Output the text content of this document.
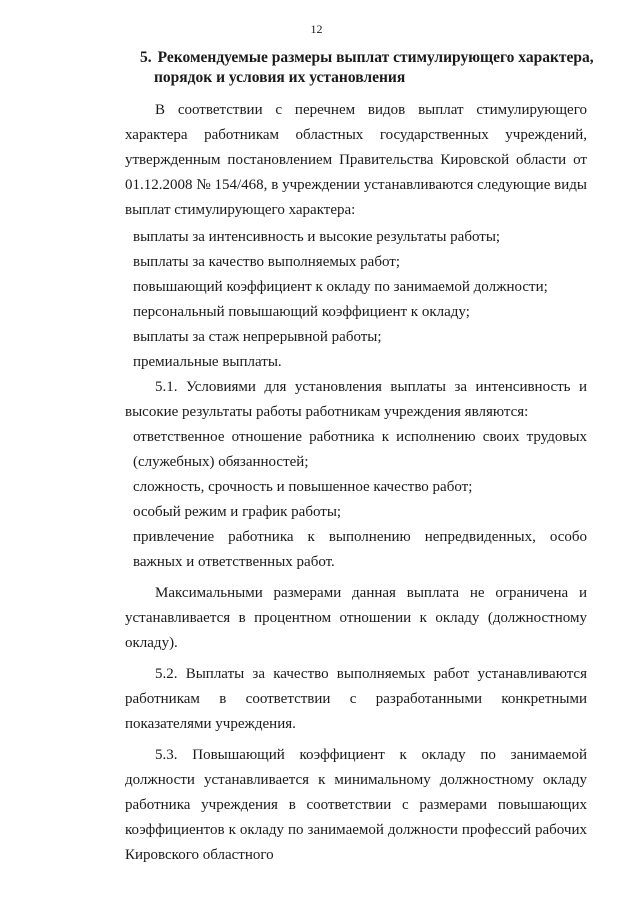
12
5. Рекомендуемые размеры выплат стимулирующего характера,
порядок и условия их установления

В соответствии с перечнем видов выплат стимулирующего характера работникам областных государственных учреждений, утвержденным постановлением Правительства Кировской области от 01.12.2008 № 154/468, в учреждении устанавливаются следующие виды выплат стимулирующего характера:

выплаты за интенсивность и высокие результаты работы;

выплаты за качество выполняемых работ;

повышающий коэффициент к окладу по занимаемой должности;

персональный повышающий коэффициент к окладу;

выплаты за стаж непрерывной работы;

премиальные выплаты.

5.1. Условиями для установления выплаты за интенсивность и высокие результаты работы работникам учреждения являются:

ответственное отношение работника к исполнению своих трудовых (служебных) обязанностей;

сложность, срочность и повышенное качество работ;

особый режим и график работы;

привлечение работника к выполнению непредвиденных, особо важных и ответственных работ.

Максимальными размерами данная выплата не ограничена и устанавливается в процентном отношении к окладу (должностному окладу).

5.2. Выплаты за качество выполняемых работ устанавливаются работникам в соответствии с разработанными конкретными показателями учреждения.

5.3. Повышающий коэффициент к окладу по занимаемой должности устанавливается к минимальному должностному окладу работника учреждения в соответствии с размерами повышающих коэффициентов к окладу по занимаемой должности профессий рабочих Кировского областного
